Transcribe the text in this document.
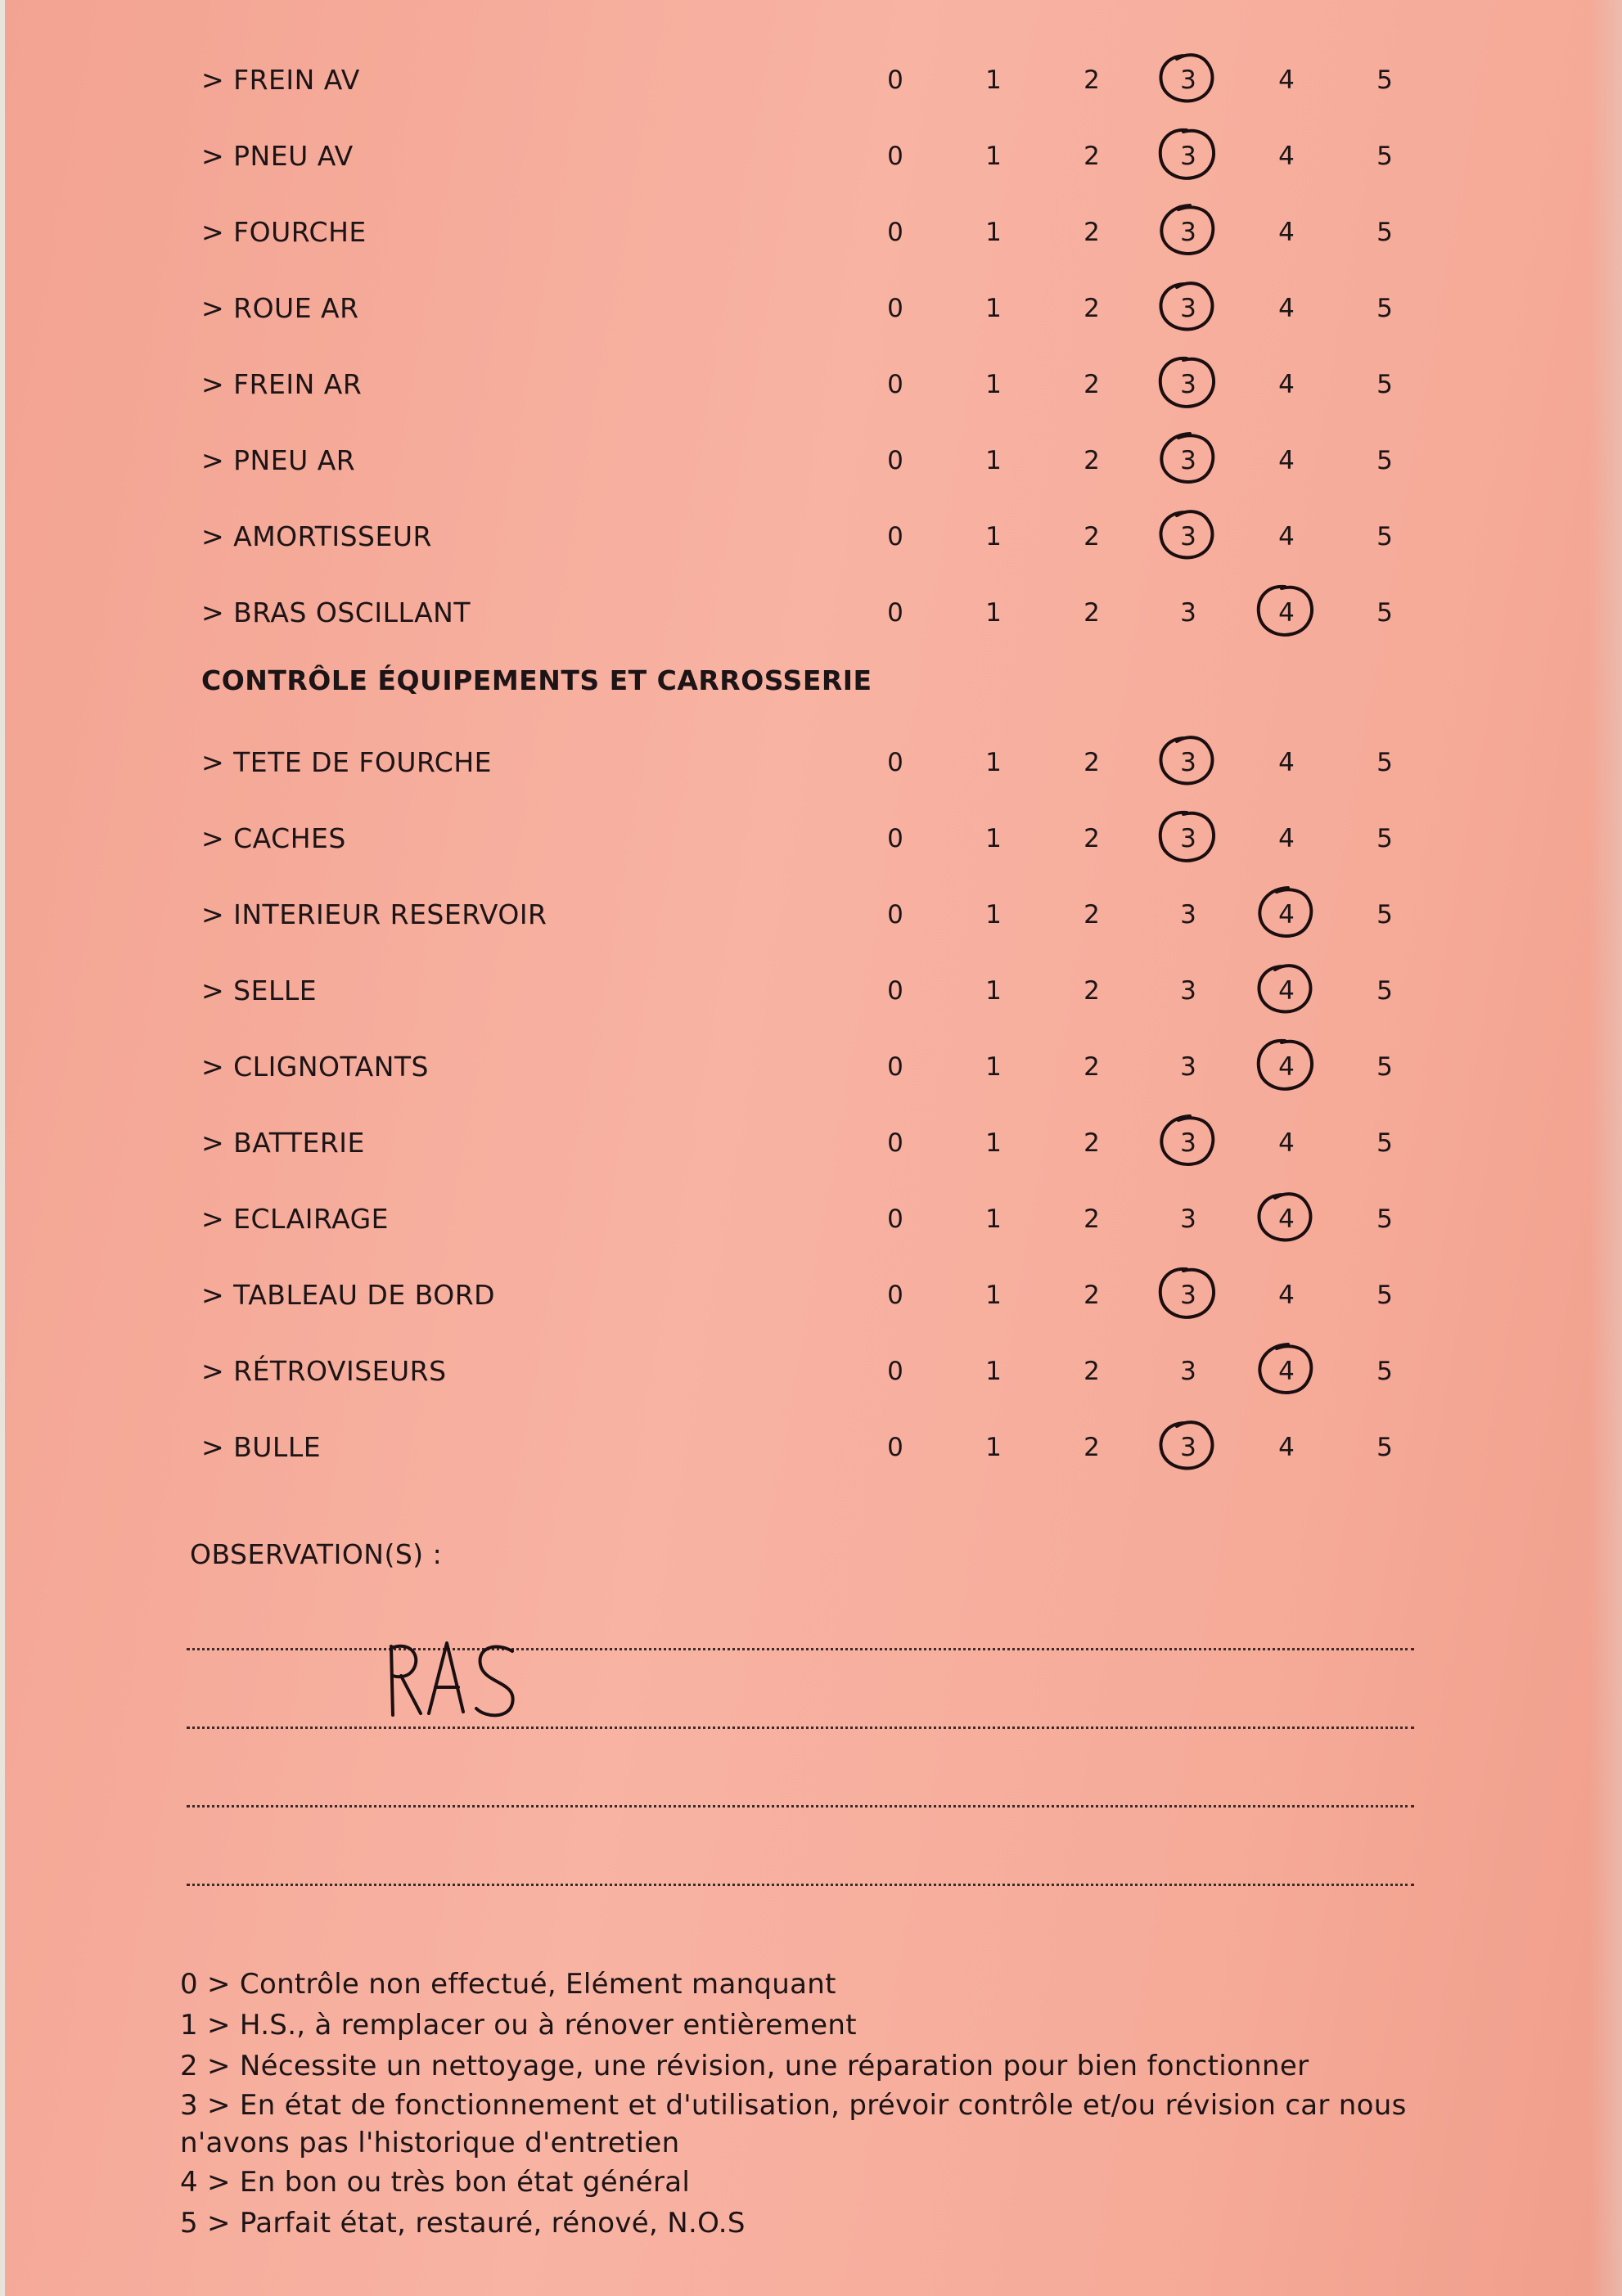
> FREIN AV	0	1	2	3	4	5
> PNEU AV	0	1	2	3	4	5
> FOURCHE	0	1	2	3	4	5
> ROUE AR	0	1	2	3	4	5
> FREIN AR	0	1	2	3	4	5
> PNEU AR	0	1	2	3	4	5
> AMORTISSEUR	0	1	2	3	4	5
> BRAS OSCILLANT	0	1	2	3	4	5
> TETE DE FOURCHE	0	1	2	3	4	5
> CACHES	0	1	2	3	4	5
> INTERIEUR RESERVOIR	0	1	2	3	4	5
> SELLE	0	1	2	3	4	5
> CLIGNOTANTS	0	1	2	3	4	5
> BATTERIE	0	1	2	3	4	5
> ECLAIRAGE	0	1	2	3	4	5
> TABLEAU DE BORD	0	1	2	3	4	5
> RÉTROVISEURS	0	1	2	3	4	5
> BULLE	0	1	2	3	4	5
CONTRÔLE ÉQUIPEMENTS ET CARROSSERIE
OBSERVATION(S) :
RAS
0 > Contrôle non effectué, Elément manquant
1 > H.S., à remplacer ou à rénover entièrement
2 > Nécessite un nettoyage, une révision, une réparation pour bien fonctionner
3 > En état de fonctionnement et d'utilisation, prévoir contrôle et/ou révision car nous n'avons pas l'historique d'entretien
4 > En bon ou très bon état général
5 > Parfait état, restauré, rénové, N.O.S
